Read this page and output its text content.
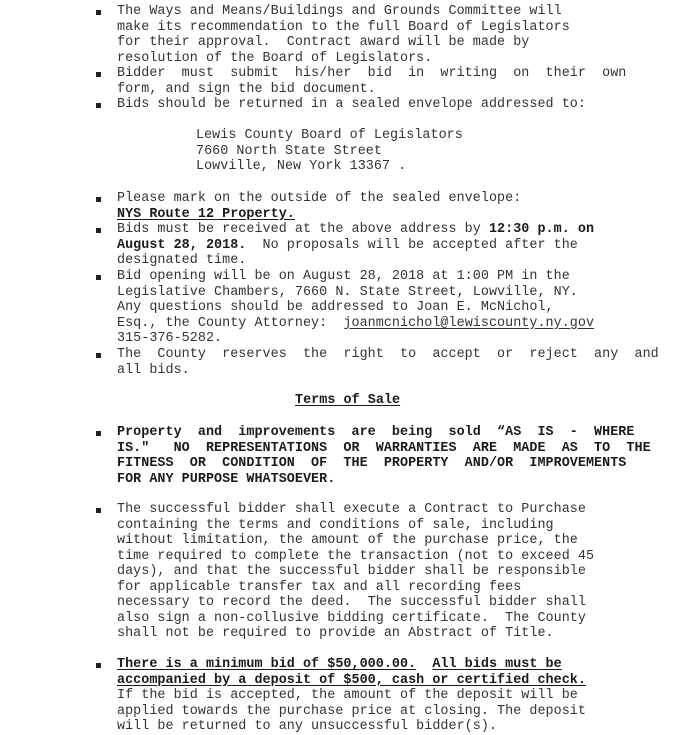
The Ways and Means/Buildings and Grounds Committee will
make its recommendation to the full Board of Legislators
for their approval.  Contract award will be made by
resolution of the Board of Legislators.
Bidder  must  submit  his/her  bid  in  writing  on  their  own
form, and sign the bid document.
Bids should be returned in a sealed envelope addressed to:
Lewis County Board of Legislators
7660 North State Street
Lowville, New York 13367 .
Please mark on the outside of the sealed envelope:
NYS Route 12 Property.
Bids must be received at the above address by 12:30 p.m. on
August 28, 2018.  No proposals will be accepted after the
designated time.
Bid opening will be on August 28, 2018 at 1:00 PM in the
Legislative Chambers, 7660 N. State Street, Lowville, NY.
Any questions should be addressed to Joan E. McNichol,
Esq., the County Attorney:  joanmcnichol@lewiscounty.ny.gov
315-376-5282.
The  County  reserves  the  right  to  accept  or  reject  any  and
all bids.
Terms of Sale
Property  and  improvements  are  being  sold  “AS  IS  -  WHERE
IS."   NO  REPRESENTATIONS  OR  WARRANTIES  ARE  MADE  AS  TO  THE
FITNESS  OR  CONDITION  OF  THE  PROPERTY  AND/OR  IMPROVEMENTS
FOR ANY PURPOSE WHATSOEVER.
The successful bidder shall execute a Contract to Purchase
containing the terms and conditions of sale, including
without limitation, the amount of the purchase price, the
time required to complete the transaction (not to exceed 45
days), and that the successful bidder shall be responsible
for applicable transfer tax and all recording fees
necessary to record the deed.  The successful bidder shall
also sign a non-collusive bidding certificate.  The County
shall not be required to provide an Abstract of Title.
There is a minimum bid of $50,000.00. All bids must be
accompanied by a deposit of $500, cash or certified check.
If the bid is accepted, the amount of the deposit will be
applied towards the purchase price at closing. The deposit
will be returned to any unsuccessful bidder(s).
